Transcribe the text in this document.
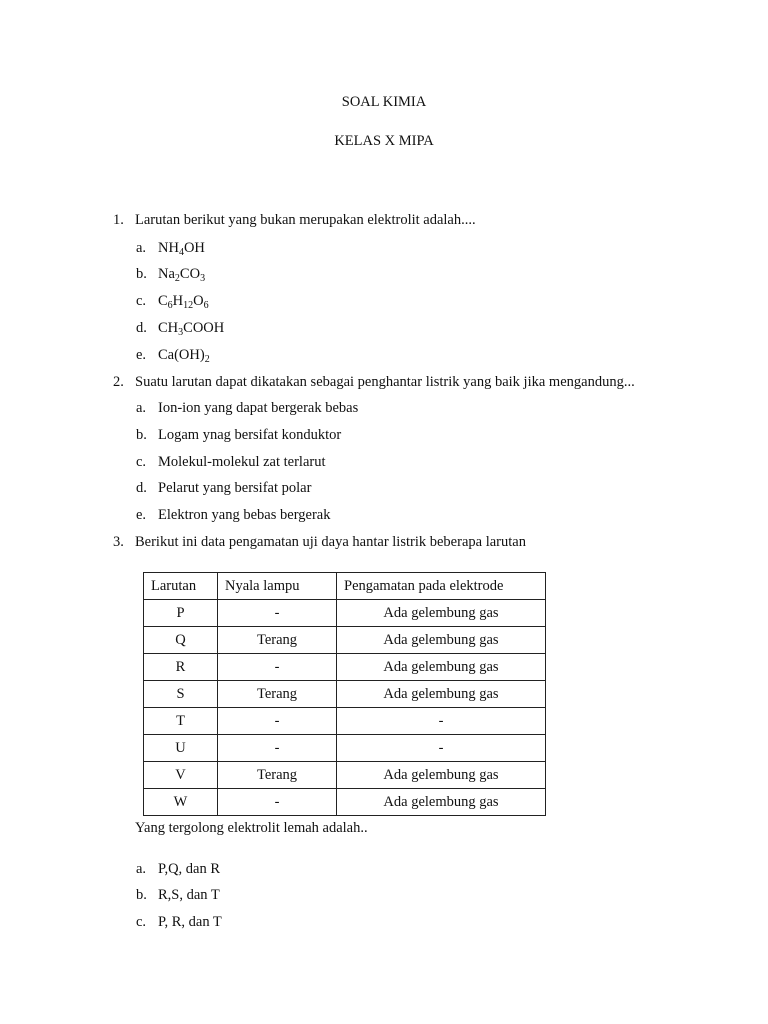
SOAL KIMIA
KELAS X MIPA
1. Larutan berikut yang bukan merupakan elektrolit adalah....
a. $NH_4OH$
b. $Na_2CO_3$
c. $C_6H_{12}O_6$
d. $CH_3COOH$
e. $Ca(OH)_2$
2. Suatu larutan dapat dikatakan sebagai penghantar listrik yang baik jika mengandung...
a. Ion-ion yang dapat bergerak bebas
b. Logam ynag bersifat konduktor
c. Molekul-molekul zat terlarut
d. Pelarut yang bersifat polar
e. Elektron yang bebas bergerak
3. Berikut ini data pengamatan uji daya hantar listrik beberapa larutan
Larutan	Nyala lampu	Pengamatan pada elektrode
P	-	Ada gelembung gas
Q	Terang	Ada gelembung gas
R	-	Ada gelembung gas
S	Terang	Ada gelembung gas
T	-	-
U	-	-
V	Terang	Ada gelembung gas
W	-	Ada gelembung gas
Yang tergolong elektrolit lemah adalah..
a. P,Q, dan R
b. R,S, dan T
c. P, R, dan T
